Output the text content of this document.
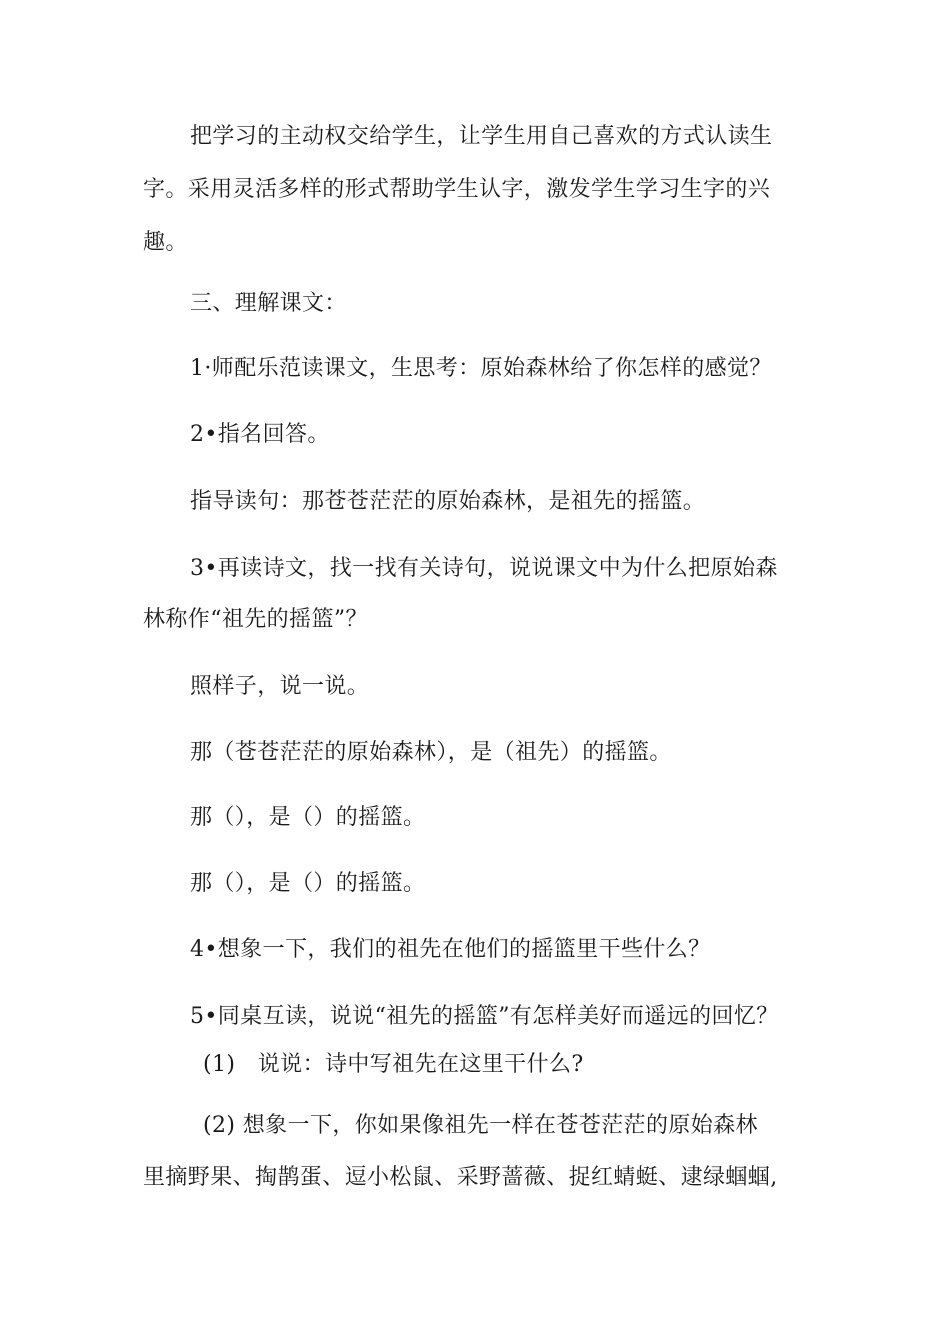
把学习的主动权交给学生，让学生用自己喜欢的方式认读生
字。采用灵活多样的形式帮助学生认字，激发学生学习生字的兴
趣。
三、理解课文：
1·师配乐范读课文，生思考：原始森林给了你怎样的感觉？
2•指名回答。
指导读句：那苍苍茫茫的原始森林，是祖先的摇篮。
3•再读诗文，找一找有关诗句，说说课文中为什么把原始森
林称作“祖先的摇篮”？
照样子，说一说。
那（苍苍茫茫的原始森林），是（祖先）的摇篮。
那（），是（）的摇篮。
那（），是（）的摇篮。
4•想象一下，我们的祖先在他们的摇篮里干些什么？
5•同桌互读，说说“祖先的摇篮”有怎样美好而遥远的回忆？
(1)　说说：诗中写祖先在这里干什么?
(2) 想象一下，你如果像祖先一样在苍苍茫茫的原始森林
里摘野果、掏鹊蛋、逗小松鼠、采野蔷薇、捉红蜻蜓、逮绿蝈蝈,
